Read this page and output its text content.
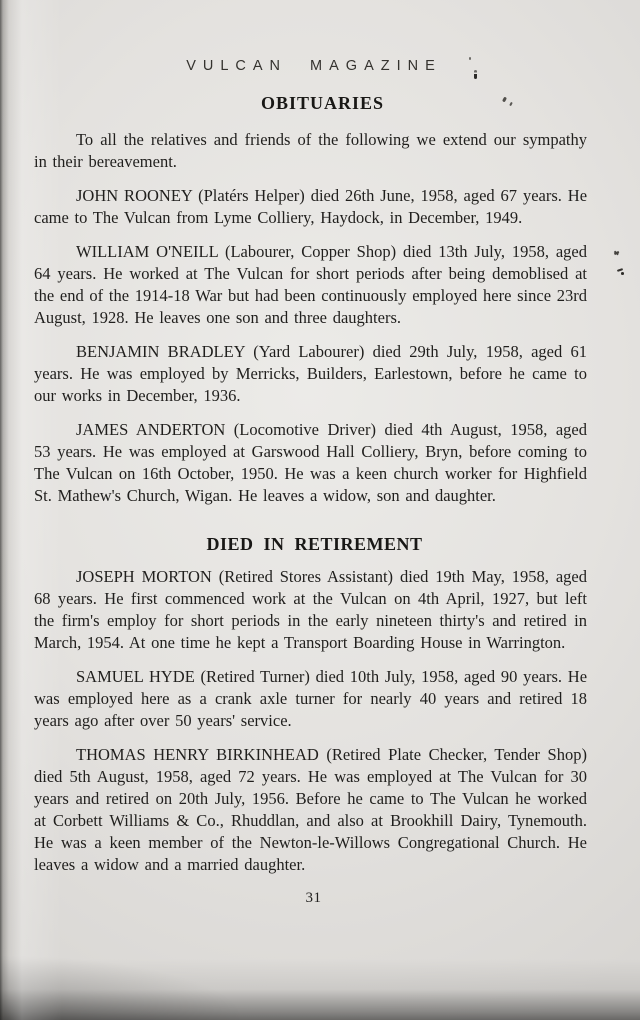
VULCAN MAGAZINE
OBITUARIES

To all the relatives and friends of the following we extend our sympathy in their bereavement.

JOHN ROONEY (Platérs Helper) died 26th June, 1958, aged 67 years. He came to The Vulcan from Lyme Colliery, Haydock, in December, 1949.

WILLIAM O'NEILL (Labourer, Copper Shop) died 13th July, 1958, aged 64 years. He worked at The Vulcan for short periods after being demoblised at the end of the 1914-18 War but had been continuously employed here since 23rd August, 1928. He leaves one son and three daughters.

BENJAMIN BRADLEY (Yard Labourer) died 29th July, 1958, aged 61 years. He was employed by Merricks, Builders, Earlestown, before he came to our works in December, 1936.

JAMES ANDERTON (Locomotive Driver) died 4th August, 1958, aged 53 years. He was employed at Garswood Hall Colliery, Bryn, before coming to The Vulcan on 16th October, 1950. He was a keen church worker for Highfield St. Mathew's Church, Wigan. He leaves a widow, son and daughter.

DIED IN RETIREMENT

JOSEPH MORTON (Retired Stores Assistant) died 19th May, 1958, aged 68 years. He first commenced work at the Vulcan on 4th April, 1927, but left the firm's employ for short periods in the early nineteen thirty's and retired in March, 1954. At one time he kept a Transport Boarding House in Warrington.

SAMUEL HYDE (Retired Turner) died 10th July, 1958, aged 90 years. He was employed here as a crank axle turner for nearly 40 years and retired 18 years ago after over 50 years' service.

THOMAS HENRY BIRKINHEAD (Retired Plate Checker, Tender Shop) died 5th August, 1958, aged 72 years. He was employed at The Vulcan for 30 years and retired on 20th July, 1956. Before he came to The Vulcan he worked at Corbett Williams & Co., Rhuddlan, and also at Brookhill Dairy, Tynemouth. He was a keen member of the Newton-le-Willows Congregational Church. He leaves a widow and a married daughter.

31
